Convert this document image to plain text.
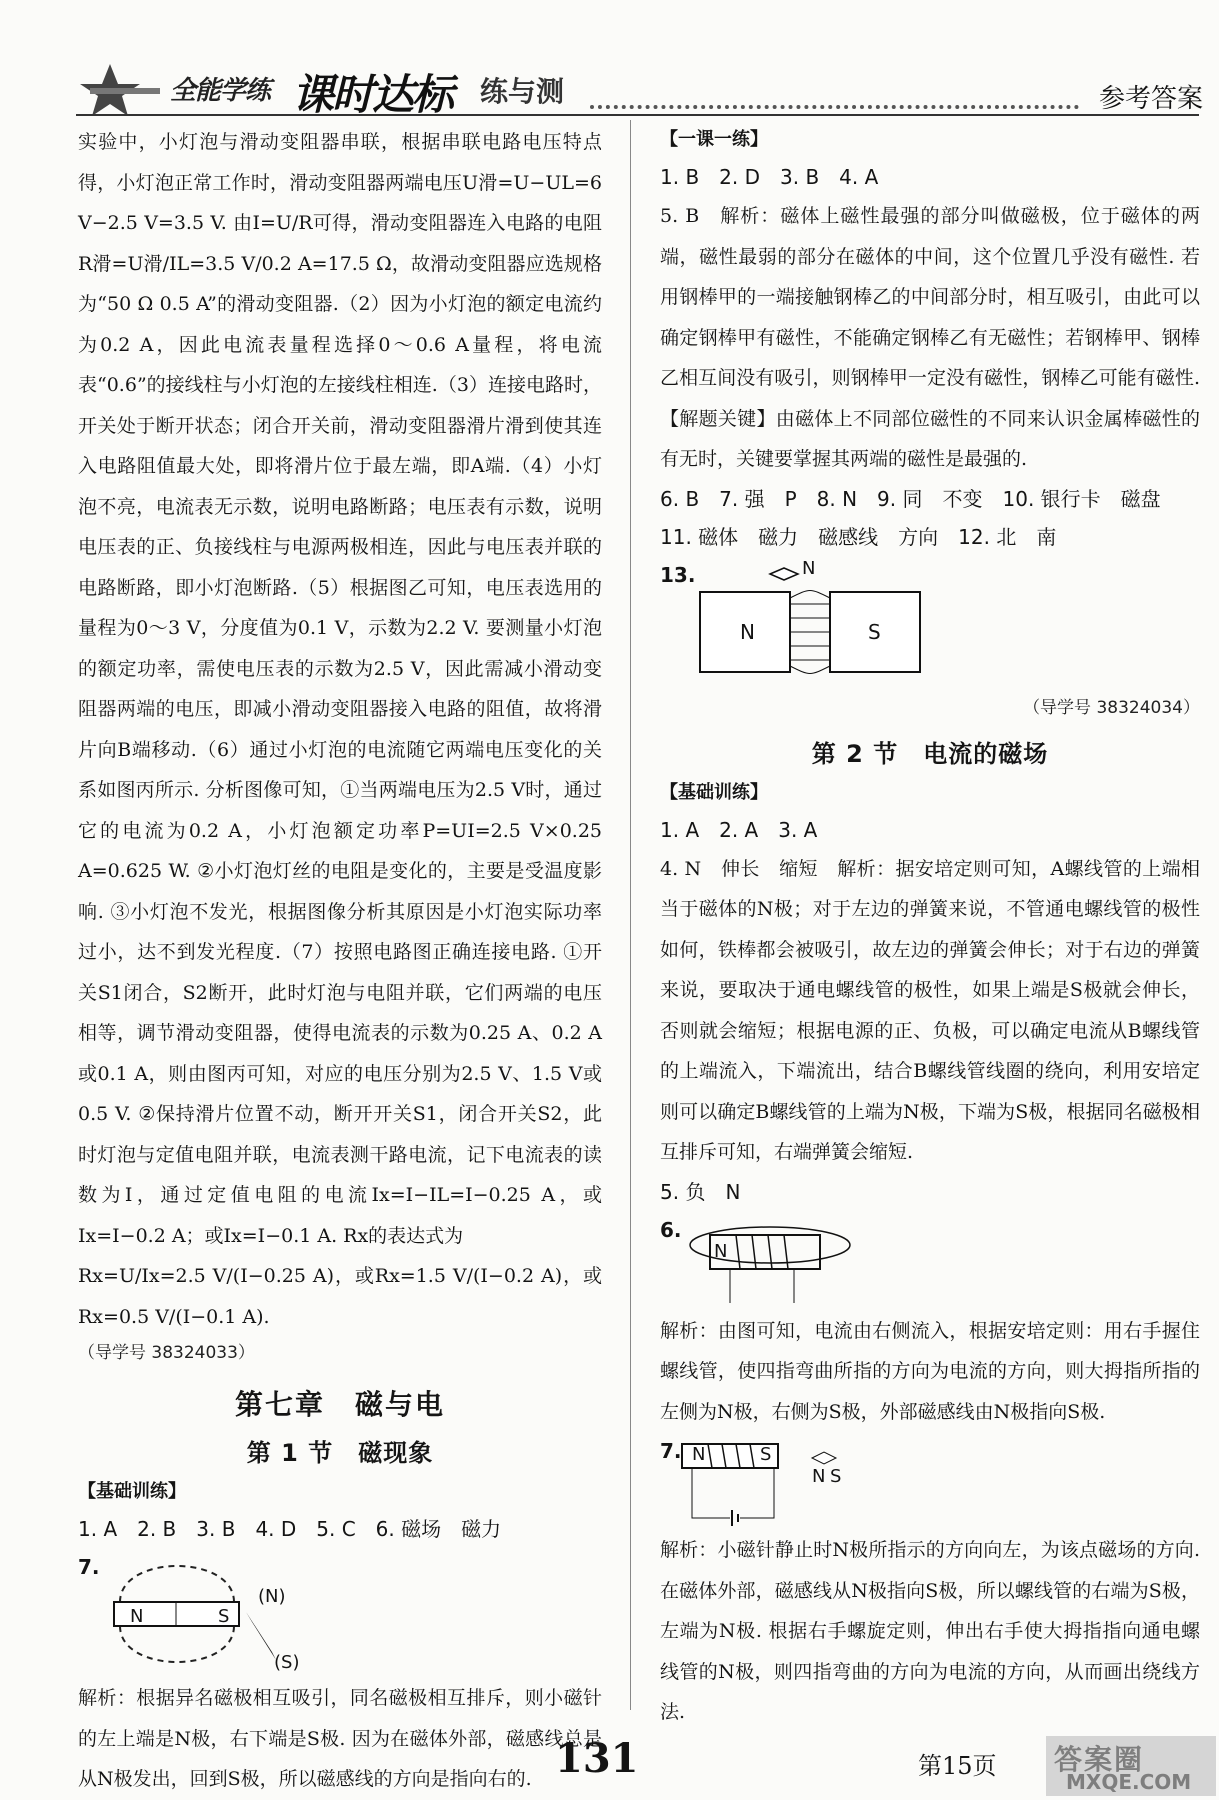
全能学练 课时达标 练与测	参考答案

实验中，小灯泡与滑动变阻器串联，根据串联电路电压特点得，小灯泡正常工作时，滑动变阻器两端电压U滑=U−UL=6 V−2.5 V=3.5 V. 由I=U/R可得，滑动变阻器连入电路的电阻R滑=U滑/IL=3.5 V/0.2 A=17.5 Ω，故滑动变阻器应选规格为“50 Ω 0.5 A”的滑动变阻器.（2）因为小灯泡的额定电流约为0.2 A，因此电流表量程选择0～0.6 A量程，将电流表“0.6”的接线柱与小灯泡的左接线柱相连.（3）连接电路时，开关处于断开状态；闭合开关前，滑动变阻器滑片滑到使其连入电路阻值最大处，即将滑片位于最左端，即A端.（4）小灯泡不亮，电流表无示数，说明电路断路；电压表有示数，说明电压表的正、负接线柱与电源两极相连，因此与电压表并联的电路断路，即小灯泡断路.（5）根据图乙可知，电压表选用的量程为0～3 V，分度值为0.1 V，示数为2.2 V. 要测量小灯泡的额定功率，需使电压表的示数为2.5 V，因此需减小滑动变阻器两端的电压，即减小滑动变阻器接入电路的阻值，故将滑片向B端移动.（6）通过小灯泡的电流随它两端电压变化的关系如图丙所示. 分析图像可知，①当两端电压为2.5 V时，通过它的电流为0.2 A，小灯泡额定功率P=UI=2.5 V×0.25 A=0.625 W. ②小灯泡灯丝的电阻是变化的，主要是受温度影响. ③小灯泡不发光，根据图像分析其原因是小灯泡实际功率过小，达不到发光程度.（7）按照电路图正确连接电路. ①开关S1闭合，S2断开，此时灯泡与电阻并联，它们两端的电压相等，调节滑动变阻器，使得电流表的示数为0.25 A、0.2 A或0.1 A，则由图丙可知，对应的电压分别为2.5 V、1.5 V或0.5 V. ②保持滑片位置不动，断开开关S1，闭合开关S2，此时灯泡与定值电阻并联，电流表测干路电流，记下电流表的读数为I，通过定值电阻的电流Ix=I−IL=I−0.25 A，或Ix=I−0.2 A；或Ix=I−0.1 A. Rx的表达式为

Rx=U/Ix=2.5 V/(I−0.25 A)，或Rx=1.5 V/(I−0.2 A)，或Rx=0.5 V/(I−0.1 A).

（导学号 38324033）

第七章　磁与电
第 1 节　磁现象

【基础训练】

1. A　2. B　3. B　4. D　5. C　6. 磁场　磁力

7.
N	S
(N)
(S)

解析：根据异名磁极相互吸引，同名磁极相互排斥，则小磁针的左上端是N极，右下端是S极. 因为在磁体外部，磁感线总是从N极发出，回到S极，所以磁感线的方向是指向右的.

【一课一练】

1. B　2. D　3. B　4. A

5. B　解析：磁体上磁性最强的部分叫做磁极，位于磁体的两端，磁性最弱的部分在磁体的中间，这个位置几乎没有磁性. 若用钢棒甲的一端接触钢棒乙的中间部分时，相互吸引，由此可以确定钢棒甲有磁性，不能确定钢棒乙有无磁性；若钢棒甲、钢棒乙相互间没有吸引，则钢棒甲一定没有磁性，钢棒乙可能有磁性.【解题关键】由磁体上不同部位磁性的不同来认识金属棒磁性的有无时，关键要掌握其两端的磁性是最强的.

6. B　7. 强　P　8. N　9. 同　不变　10. 银行卡　磁盘

11. 磁体　磁力　磁感线　方向　12. 北　南

13.
N	S
N

（导学号 38324034）

第 2 节　电流的磁场

【基础训练】

1. A　2. A　3. A

4. N　伸长　缩短　解析：据安培定则可知，A螺线管的上端相当于磁体的N极；对于左边的弹簧来说，不管通电螺线管的极性如何，铁棒都会被吸引，故左边的弹簧会伸长；对于右边的弹簧来说，要取决于通电螺线管的极性，如果上端是S极就会伸长，否则就会缩短；根据电源的正、负极，可以确定电流从B螺线管的上端流入，下端流出，结合B螺线管线圈的绕向，利用安培定则可以确定B螺线管的上端为N极，下端为S极，根据同名磁极相互排斥可知，右端弹簧会缩短.

5. 负　N

6.
N

解析：由图可知，电流由右侧流入，根据安培定则：用右手握住螺线管，使四指弯曲所指的方向为电流的方向，则大拇指所指的左侧为N极，右侧为S极，外部磁感线由N极指向S极.

7. N	S
N S

解析：小磁针静止时N极所指示的方向向左，为该点磁场的方向. 在磁体外部，磁感线从N极指向S极，所以螺线管的右端为S极，左端为N极. 根据右手螺旋定则，伸出右手使大拇指指向通电螺线管的N极，则四指弯曲的方向为电流的方向，从而画出绕线方法.

131	第15页 答案圈
MXQE.COM
